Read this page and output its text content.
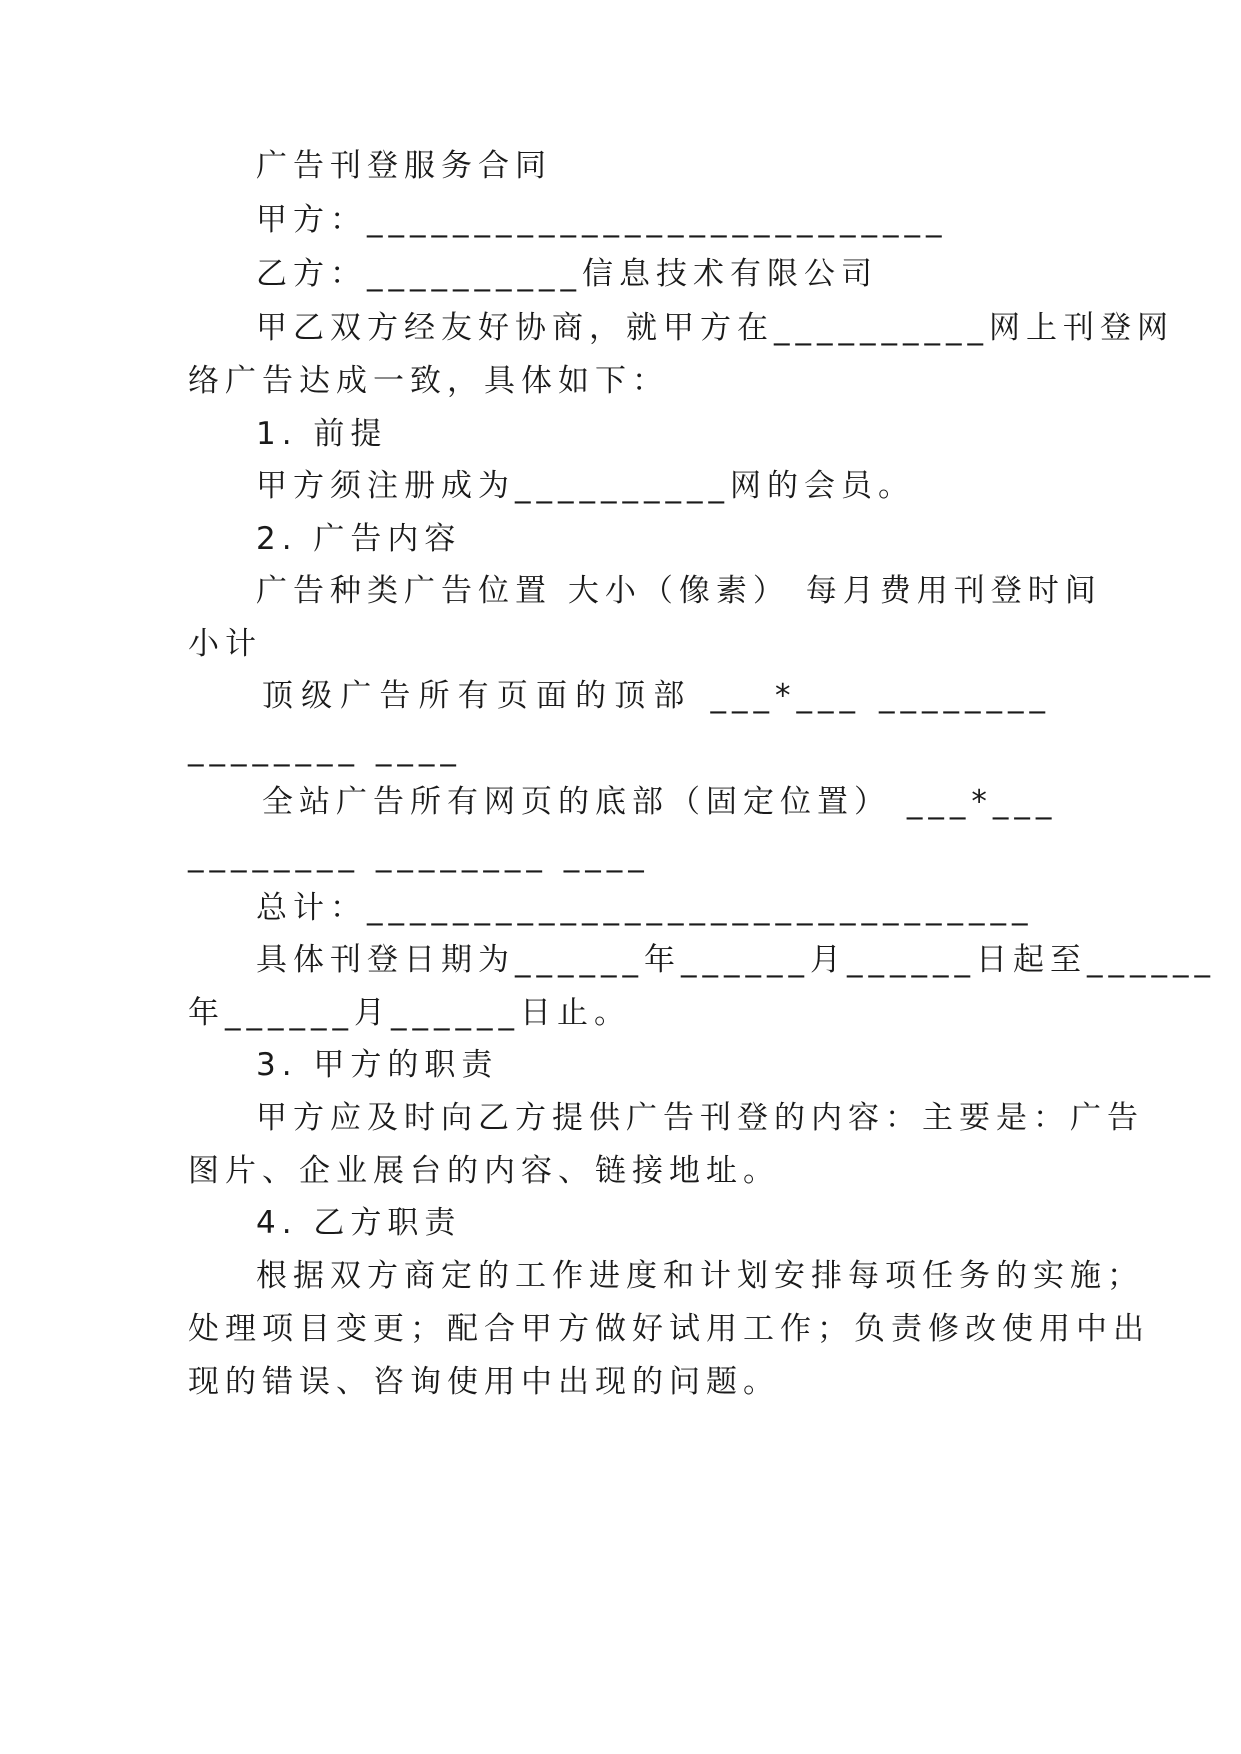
广告刊登服务合同
甲方：___________________________
乙方：__________信息技术有限公司
甲乙双方经友好协商，就甲方在__________网上刊登网
络广告达成一致，具体如下：
1. 前提
甲方须注册成为__________网的会员。
2. 广告内容
广告种类广告位置 大小（像素） 每月费用刊登时间
小计
顶级广告所有页面的顶部 ___*___ ________
________ ____
全站广告所有网页的底部（固定位置） ___*___
________ ________ ____
总计：_______________________________
具体刊登日期为______年______月______日起至______
年______月______日止。
3. 甲方的职责
甲方应及时向乙方提供广告刊登的内容：主要是：广告
图片、企业展台的内容、链接地址。
4. 乙方职责
根据双方商定的工作进度和计划安排每项任务的实施；
处理项目变更；配合甲方做好试用工作；负责修改使用中出
现的错误、咨询使用中出现的问题。
